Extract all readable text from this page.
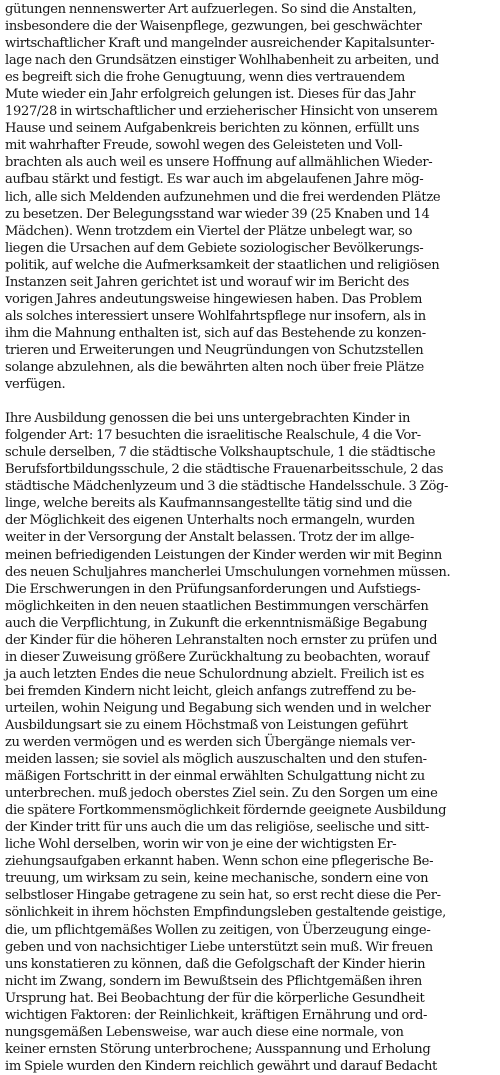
gütungen nennenswerter Art aufzuerlegen. So sind die Anstalten,
insbesondere die der Waisenpflege, gezwungen, bei geschwächter
wirtschaftlicher Kraft und mangelnder ausreichender Kapitalsunter-
lage nach den Grundsätzen einstiger Wohlhabenheit zu arbeiten, und
es begreift sich die frohe Genugtuung, wenn dies vertrauendem
Mute wieder ein Jahr erfolgreich gelungen ist. Dieses für das Jahr
1927/28 in wirtschaftlicher und erzieherischer Hinsicht von unserem
Hause und seinem Aufgabenkreis berichten zu können, erfüllt uns
mit wahrhafter Freude, sowohl wegen des Geleisteten und Voll-
brachten als auch weil es unsere Hoffnung auf allmählichen Wieder-
aufbau stärkt und festigt. Es war auch im abgelaufenen Jahre mög-
lich, alle sich Meldenden aufzunehmen und die frei werdenden Plätze
zu besetzen. Der Belegungsstand war wieder 39 (25 Knaben und 14
Mädchen). Wenn trotzdem ein Viertel der Plätze unbelegt war, so
liegen die Ursachen auf dem Gebiete soziologischer Bevölkerungs-
politik, auf welche die Aufmerksamkeit der staatlichen und religiösen
Instanzen seit Jahren gerichtet ist und worauf wir im Bericht des
vorigen Jahres andeutungsweise hingewiesen haben. Das Problem
als solches interessiert unsere Wohlfahrtspflege nur insofern, als in
ihm die Mahnung enthalten ist, sich auf das Bestehende zu konzen-
trieren und Erweiterungen und Neugründungen von Schutzstellen
solange abzulehnen, als die bewährten alten noch über freie Plätze
verfügen.
Ihre Ausbildung genossen die bei uns untergebrachten Kinder in
folgender Art: 17 besuchten die israelitische Realschule, 4 die Vor-
schule derselben, 7 die städtische Volkshauptschule, 1 die städtische
Berufsfortbildungsschule, 2 die städtische Frauenarbeitsschule, 2 das
städtische Mädchenlyzeum und 3 die städtische Handelsschule. 3 Zög-
linge, welche bereits als Kaufmannsangestellte tätig sind und die
der Möglichkeit des eigenen Unterhalts noch ermangeln, wurden
weiter in der Versorgung der Anstalt belassen. Trotz der im allge-
meinen befriedigenden Leistungen der Kinder werden wir mit Beginn
des neuen Schuljahres mancherlei Umschulungen vornehmen müssen.
Die Erschwerungen in den Prüfungsanforderungen und Aufstiegs-
möglichkeiten in den neuen staatlichen Bestimmungen verschärfen
auch die Verpflichtung, in Zukunft die erkenntnismäßige Begabung
der Kinder für die höheren Lehranstalten noch ernster zu prüfen und
in dieser Zuweisung größere Zurückhaltung zu beobachten, worauf
ja auch letzten Endes die neue Schulordnung abzielt. Freilich ist es
bei fremden Kindern nicht leicht, gleich anfangs zutreffend zu be-
urteilen, wohin Neigung und Begabung sich wenden und in welcher
Ausbildungsart sie zu einem Höchstmaß von Leistungen geführt
zu werden vermögen und es werden sich Übergänge niemals ver-
meiden lassen; sie soviel als möglich auszuschalten und den stufen-
mäßigen Fortschritt in der einmal erwählten Schulgattung nicht zu
unterbrechen. muß jedoch oberstes Ziel sein. Zu den Sorgen um eine
die spätere Fortkommensmöglichkeit fördernde geeignete Ausbildung
der Kinder tritt für uns auch die um das religiöse, seelische und sitt-
liche Wohl derselben, worin wir von je eine der wichtigsten Er-
ziehungsaufgaben erkannt haben. Wenn schon eine pflegerische Be-
treuung, um wirksam zu sein, keine mechanische, sondern eine von
selbstloser Hingabe getragene zu sein hat, so erst recht diese die Per-
sönlichkeit in ihrem höchsten Empfindungsleben gestaltende geistige,
die, um pflichtgemäßes Wollen zu zeitigen, von Überzeugung einge-
geben und von nachsichtiger Liebe unterstützt sein muß. Wir freuen
uns konstatieren zu können, daß die Gefolgschaft der Kinder hierin
nicht im Zwang, sondern im Bewußtsein des Pflichtgemäßen ihren
Ursprung hat. Bei Beobachtung der für die körperliche Gesundheit
wichtigen Faktoren: der Reinlichkeit, kräftigen Ernährung und ord-
nungsgemäßen Lebensweise, war auch diese eine normale, von
keiner ernsten Störung unterbrochene; Ausspannung und Erholung
im Spiele wurden den Kindern reichlich gewährt und darauf Bedacht
